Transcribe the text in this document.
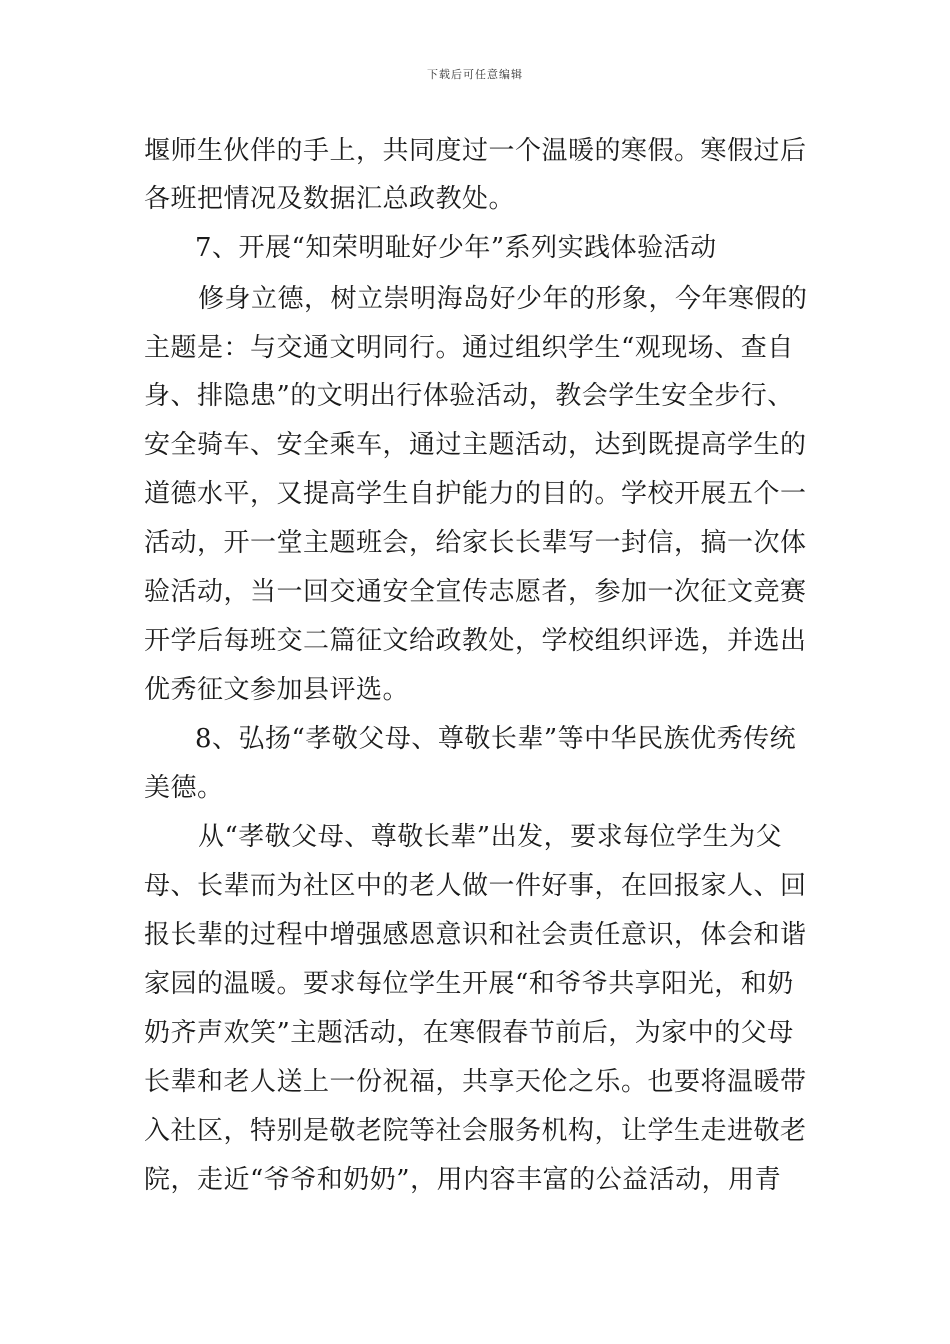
下载后可任意编辑
堰师生伙伴的手上，共同度过一个温暖的寒假。寒假过后
各班把情况及数据汇总政教处。
7、开展“知荣明耻好少年”系列实践体验活动
修身立德，树立崇明海岛好少年的形象，今年寒假的
主题是：与交通文明同行。通过组织学生“观现场、查自
身、排隐患”的文明出行体验活动，教会学生安全步行、
安全骑车、安全乘车，通过主题活动，达到既提高学生的
道德水平，又提高学生自护能力的目的。学校开展五个一
活动，开一堂主题班会，给家长长辈写一封信，搞一次体
验活动，当一回交通安全宣传志愿者，参加一次征文竞赛
开学后每班交二篇征文给政教处，学校组织评选，并选出
优秀征文参加县评选。
8、弘扬“孝敬父母、尊敬长辈”等中华民族优秀传统
美德。
从“孝敬父母、尊敬长辈”出发，要求每位学生为父
母、长辈而为社区中的老人做一件好事，在回报家人、回
报长辈的过程中增强感恩意识和社会责任意识，体会和谐
家园的温暖。要求每位学生开展“和爷爷共享阳光，和奶
奶齐声欢笑”主题活动，在寒假春节前后，为家中的父母
长辈和老人送上一份祝福，共享天伦之乐。也要将温暖带
入社区，特别是敬老院等社会服务机构，让学生走进敬老
院，走近“爷爷和奶奶”，用内容丰富的公益活动，用青
